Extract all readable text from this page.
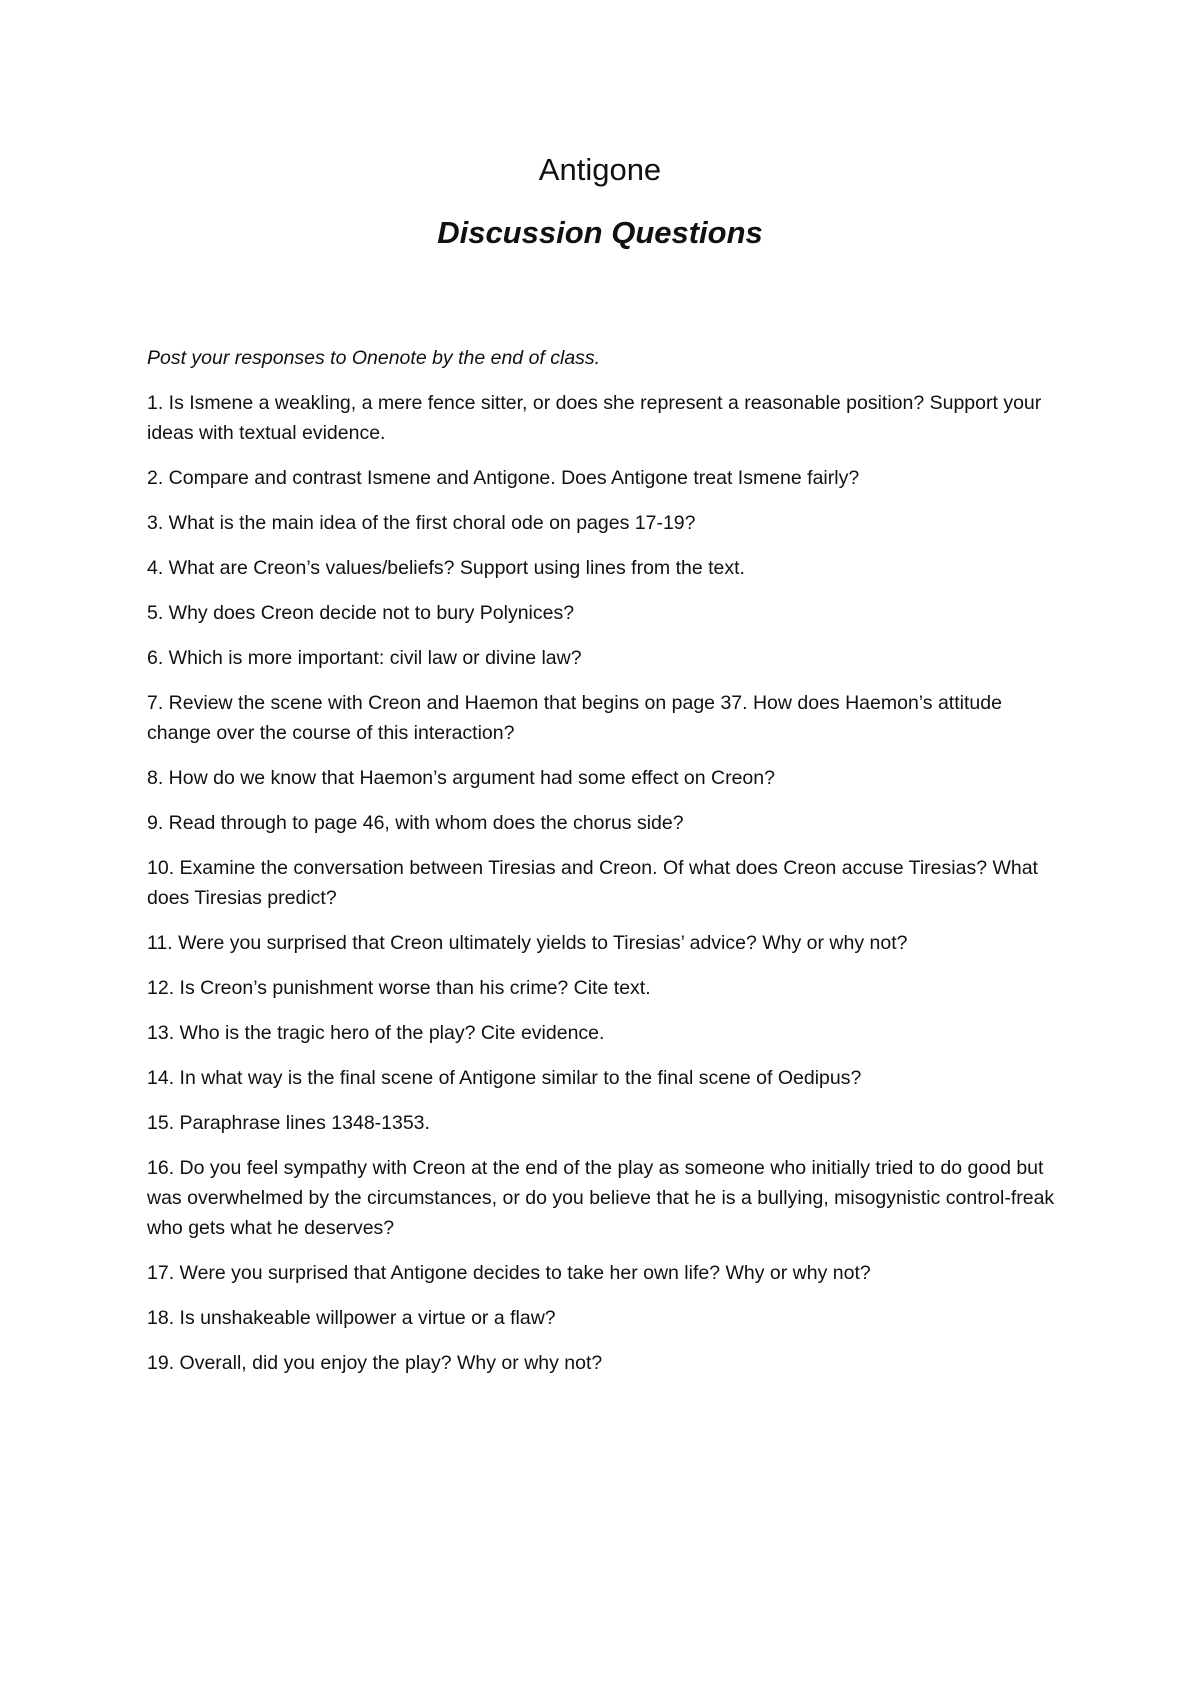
Antigone
Discussion Questions

Post your responses to Onenote by the end of class.

1. Is Ismene a weakling, a mere fence sitter, or does she represent a reasonable position? Support your ideas with textual evidence.
2. Compare and contrast Ismene and Antigone. Does Antigone treat Ismene fairly?
3. What is the main idea of the first choral ode on pages 17-19?
4. What are Creon’s values/beliefs? Support using lines from the text.
5. Why does Creon decide not to bury Polynices?
6. Which is more important: civil law or divine law?
7. Review the scene with Creon and Haemon that begins on page 37. How does Haemon’s attitude change over the course of this interaction?
8. How do we know that Haemon’s argument had some effect on Creon?
9. Read through to page 46, with whom does the chorus side?
10. Examine the conversation between Tiresias and Creon. Of what does Creon accuse Tiresias? What does Tiresias predict?
11. Were you surprised that Creon ultimately yields to Tiresias’ advice? Why or why not?
12. Is Creon’s punishment worse than his crime? Cite text.
13. Who is the tragic hero of the play? Cite evidence.
14. In what way is the final scene of Antigone similar to the final scene of Oedipus?
15. Paraphrase lines 1348-1353.
16. Do you feel sympathy with Creon at the end of the play as someone who initially tried to do good but was overwhelmed by the circumstances, or do you believe that he is a bullying, misogynistic control-freak who gets what he deserves?
17. Were you surprised that Antigone decides to take her own life? Why or why not?
18. Is unshakeable willpower a virtue or a flaw?
19. Overall, did you enjoy the play? Why or why not?
